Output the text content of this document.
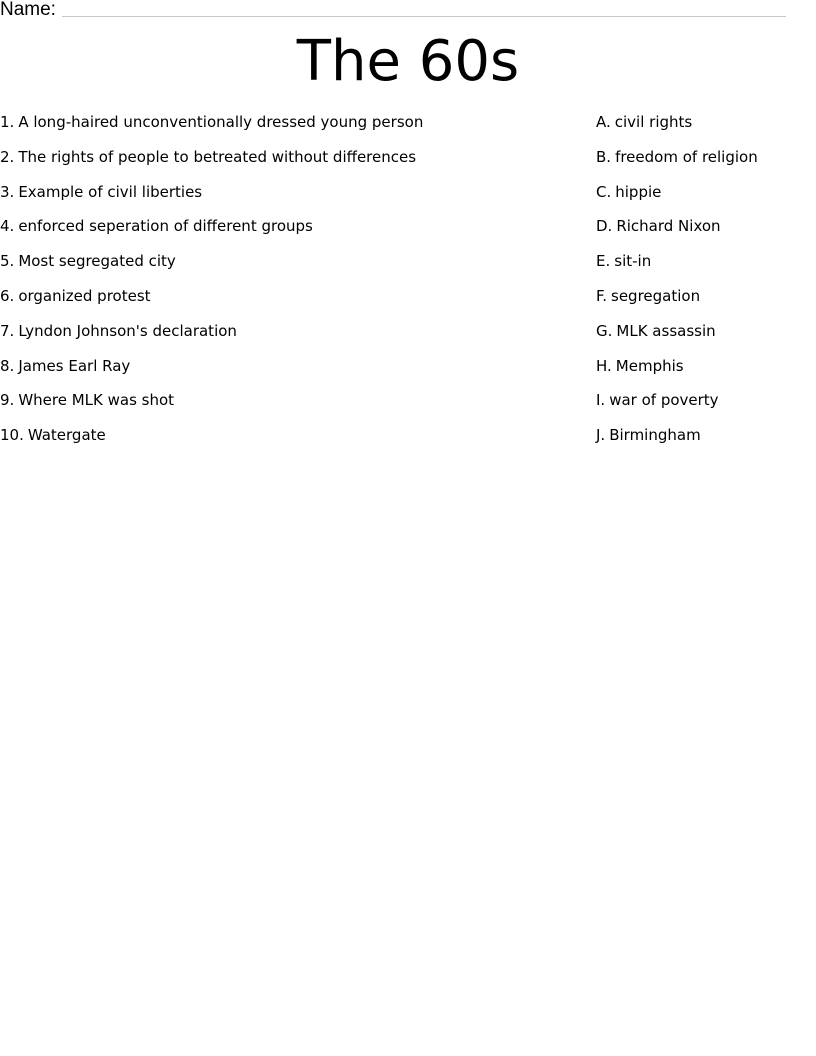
Name:
The 60s
1. A long-haired unconventionally dressed young person
2. The rights of people to betreated without differences
3. Example of civil liberties
4. enforced seperation of different groups
5. Most segregated city
6. organized protest
7. Lyndon Johnson's declaration
8. James Earl Ray
9. Where MLK was shot
10. Watergate
A. civil rights
B. freedom of religion
C. hippie
D. Richard Nixon
E. sit-in
F. segregation
G. MLK assassin
H. Memphis
I. war of poverty
J. Birmingham
